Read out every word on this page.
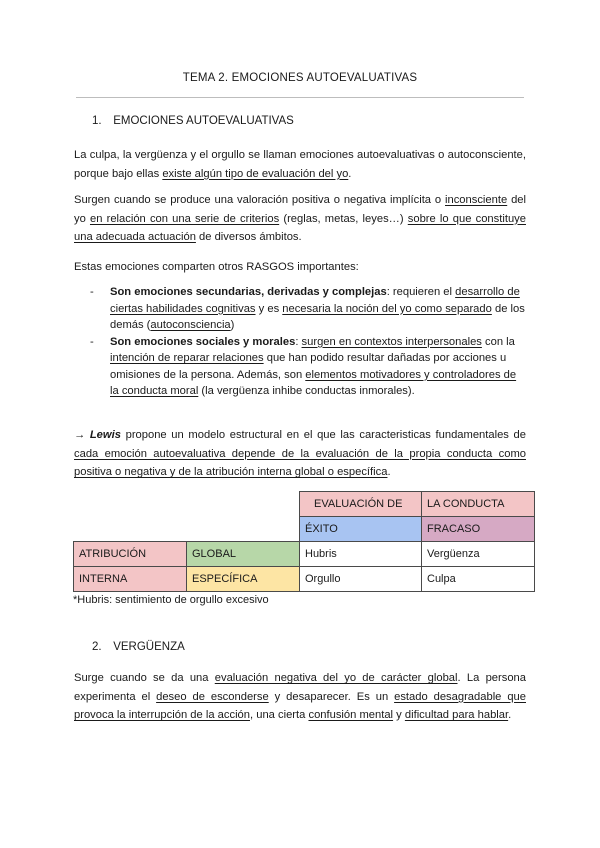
TEMA 2. EMOCIONES AUTOEVALUATIVAS
1. EMOCIONES AUTOEVALUATIVAS
La culpa, la vergüenza y el orgullo se llaman emociones autoevaluativas o autoconsciente, porque bajo ellas existe algún tipo de evaluación del yo.
Surgen cuando se produce una valoración positiva o negativa implícita o inconsciente del yo en relación con una serie de criterios (reglas, metas, leyes…) sobre lo que constituye una adecuada actuación de diversos ámbitos.
Estas emociones comparten otros RASGOS importantes:
- Son emociones secundarias, derivadas y complejas: requieren el desarrollo de ciertas habilidades cognitivas y es necesaria la noción del yo como separado de los demás (autoconsciencia)
- Son emociones sociales y morales: surgen en contextos interpersonales con la intención de reparar relaciones que han podido resultar dañadas por acciones u omisiones de la persona. Además, son elementos motivadores y controladores de la conducta moral (la vergüenza inhibe conductas inmorales).
→ Lewis propone un modelo estructural en el que las caracteristicas fundamentales de cada emoción autoevaluativa depende de la evaluación de la propia conducta como positiva o negativa y de la atribución interna global o específica.
		EVALUACIÓN DE	LA CONDUCTA
		ÉXITO	FRACASO
ATRIBUCIÓN	GLOBAL	Hubris	Vergüenza
INTERNA	ESPECÍFICA	Orgullo	Culpa
*Hubris: sentimiento de orgullo excesivo
2. VERGÜENZA
Surge cuando se da una evaluación negativa del yo de carácter global. La persona experimenta el deseo de esconderse y desaparecer. Es un estado desagradable que provoca la interrupción de la acción, una cierta confusión mental y dificultad para hablar.
